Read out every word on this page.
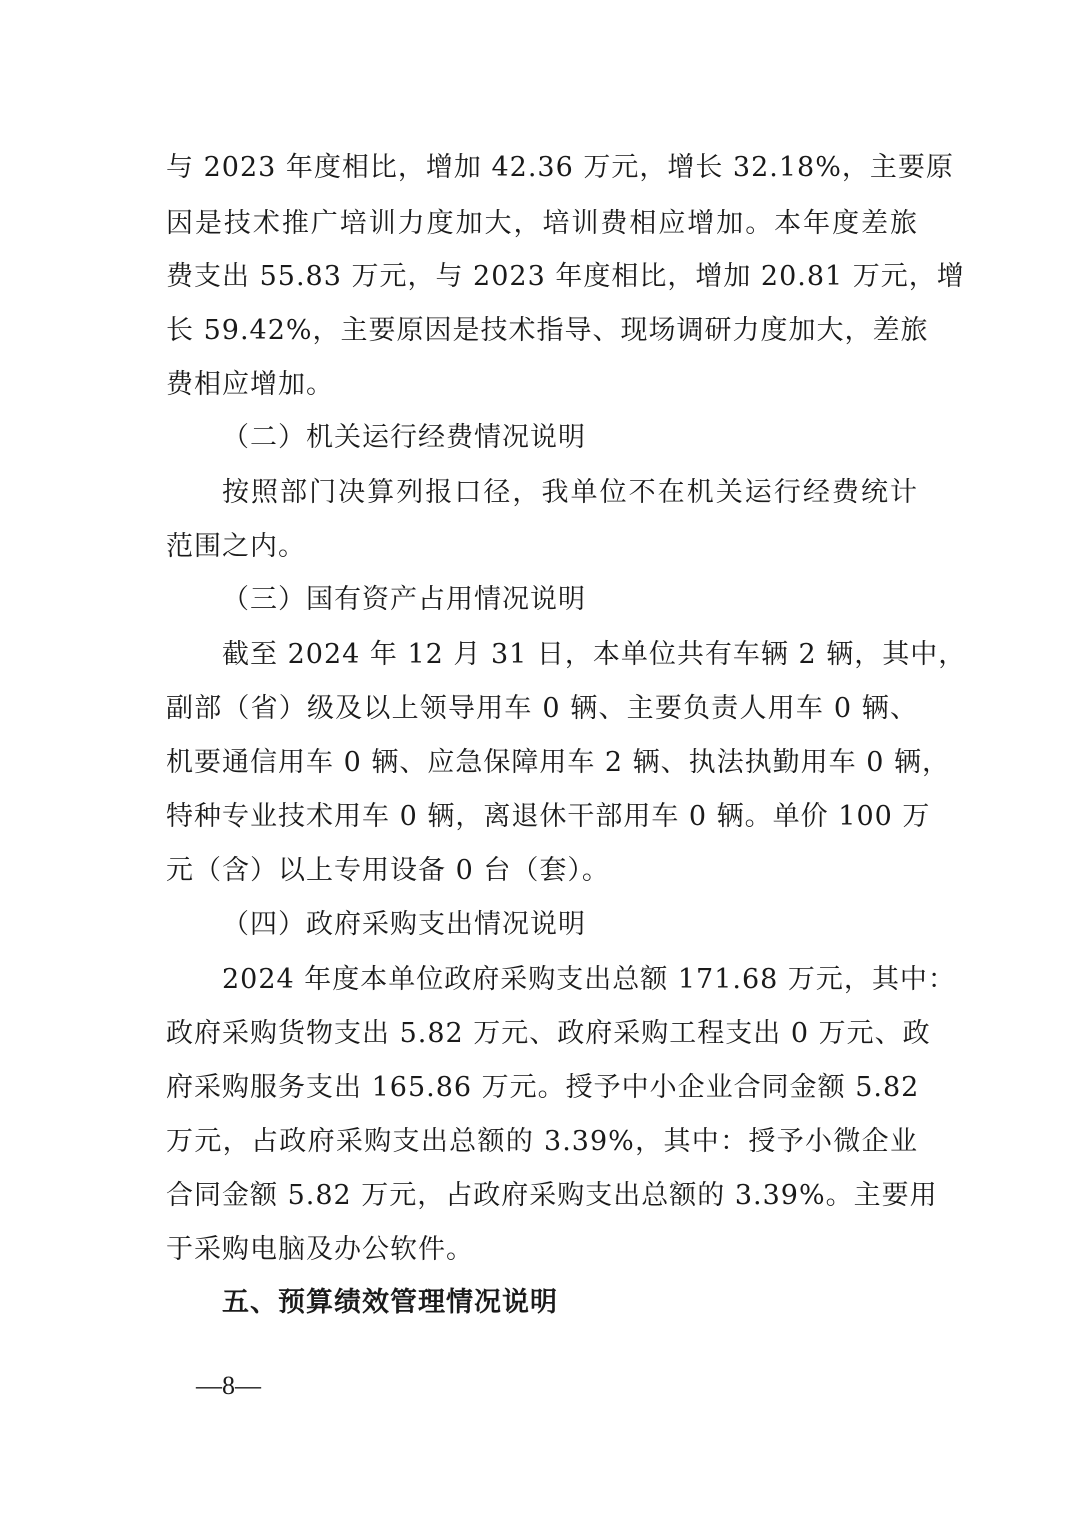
与 2023 年度相比，增加 42.36 万元，增长 32.18%，主要原
因是技术推广培训力度加大，培训费相应增加。本年度差旅
费支出 55.83 万元，与 2023 年度相比，增加 20.81 万元，增
长 59.42%，主要原因是技术指导、现场调研力度加大，差旅
费相应增加。
（二）机关运行经费情况说明
按照部门决算列报口径，我单位不在机关运行经费统计
范围之内。
（三）国有资产占用情况说明
截至 2024 年 12 月 31 日，本单位共有车辆 2 辆，其中，
副部（省）级及以上领导用车 0 辆、主要负责人用车 0 辆、
机要通信用车 0 辆、应急保障用车 2 辆、执法执勤用车 0 辆，
特种专业技术用车 0 辆，离退休干部用车 0 辆。单价 100 万
元（含）以上专用设备 0 台（套）。
（四）政府采购支出情况说明
2024 年度本单位政府采购支出总额 171.68 万元，其中：
政府采购货物支出 5.82 万元、政府采购工程支出 0 万元、政
府采购服务支出 165.86 万元。授予中小企业合同金额 5.82
万元，占政府采购支出总额的 3.39%，其中：授予小微企业
合同金额 5.82 万元，占政府采购支出总额的 3.39%。主要用
于采购电脑及办公软件。
五、预算绩效管理情况说明
—8—
